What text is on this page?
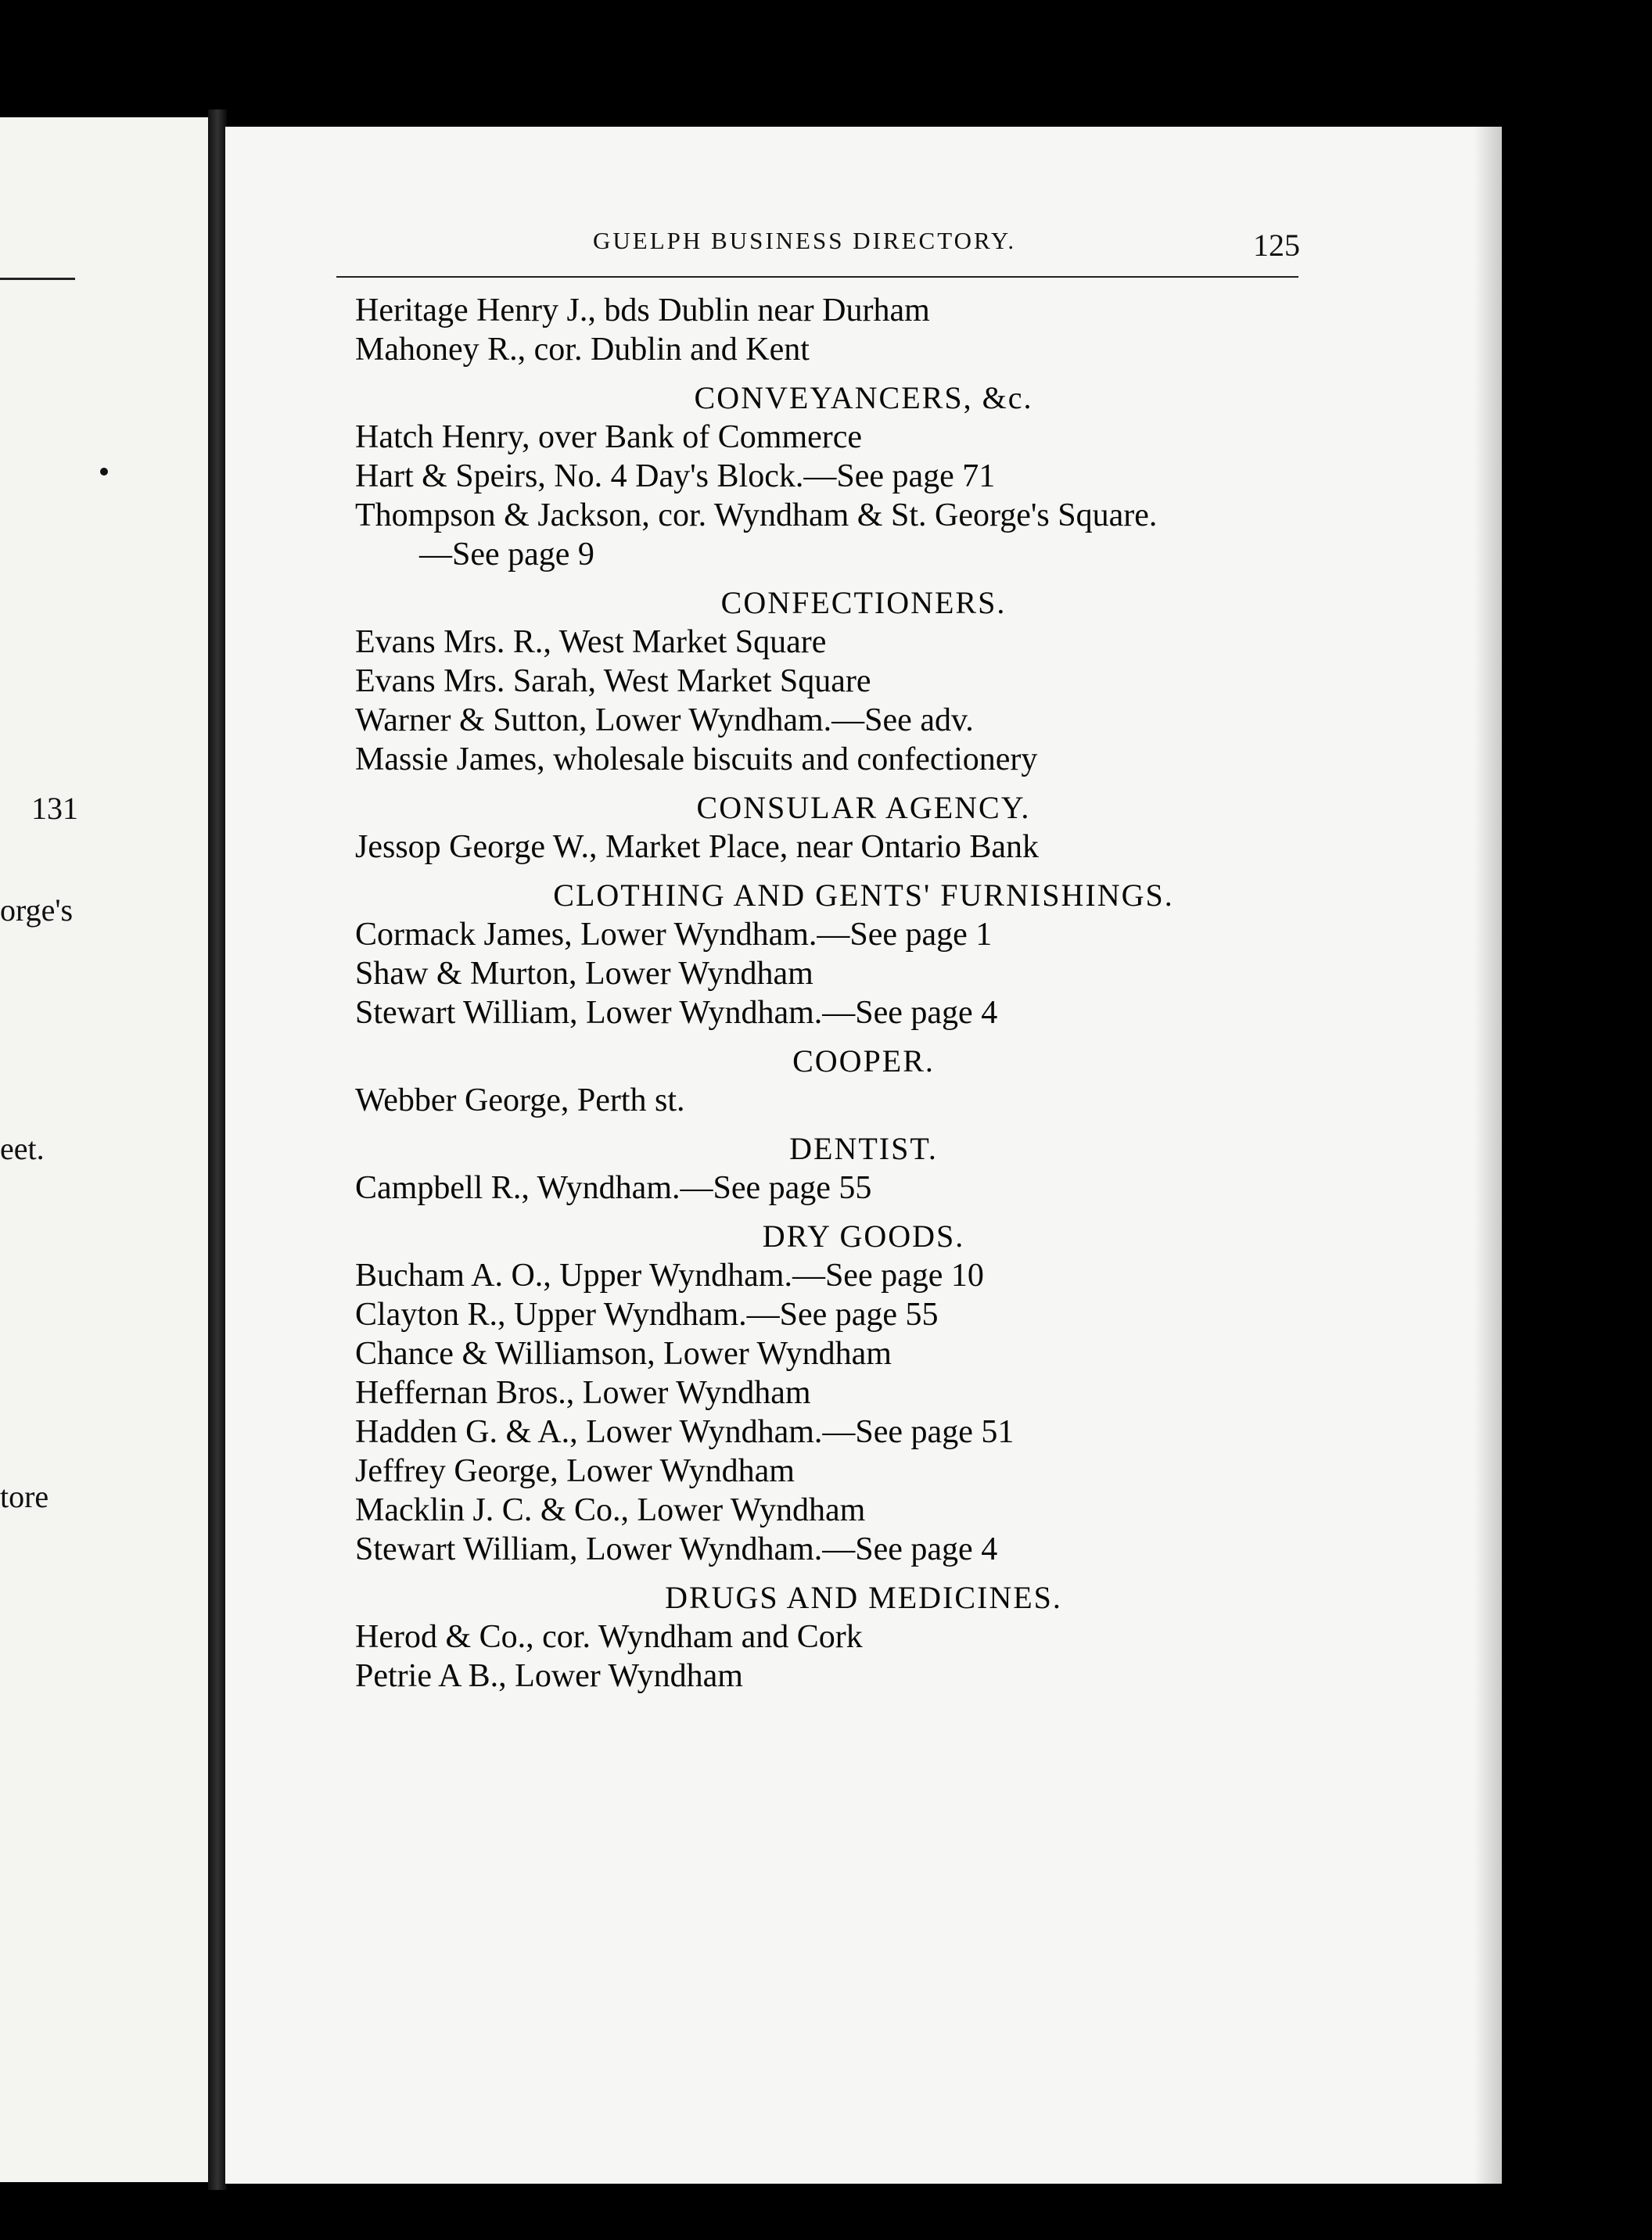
131
orge's
eet.
tore
GUELPH BUSINESS DIRECTORY.	125
Heritage Henry J., bds Dublin near Durham
Mahoney R., cor. Dublin and Kent
CONVEYANCERS, &c.
Hatch Henry, over Bank of Commerce
Hart & Speirs, No. 4 Day's Block.—See page 71
Thompson & Jackson, cor. Wyndham & St. George's Square.
—See page 9
CONFECTIONERS.
Evans Mrs. R., West Market Square
Evans Mrs. Sarah, West Market Square
Warner & Sutton, Lower Wyndham.—See adv.
Massie James, wholesale biscuits and confectionery
CONSULAR AGENCY.
Jessop George W., Market Place, near Ontario Bank
CLOTHING AND GENTS' FURNISHINGS.
Cormack James, Lower Wyndham.—See page 1
Shaw & Murton, Lower Wyndham
Stewart William, Lower Wyndham.—See page 4
COOPER.
Webber George, Perth st.
DENTIST.
Campbell R., Wyndham.—See page 55
DRY GOODS.
Bucham A. O., Upper Wyndham.—See page 10
Clayton R., Upper Wyndham.—See page 55
Chance & Williamson, Lower Wyndham
Heffernan Bros., Lower Wyndham
Hadden G. & A., Lower Wyndham.—See page 51
Jeffrey George, Lower Wyndham
Macklin J. C. & Co., Lower Wyndham
Stewart William, Lower Wyndham.—See page 4
DRUGS AND MEDICINES.
Herod & Co., cor. Wyndham and Cork
Petrie A B., Lower Wyndham
